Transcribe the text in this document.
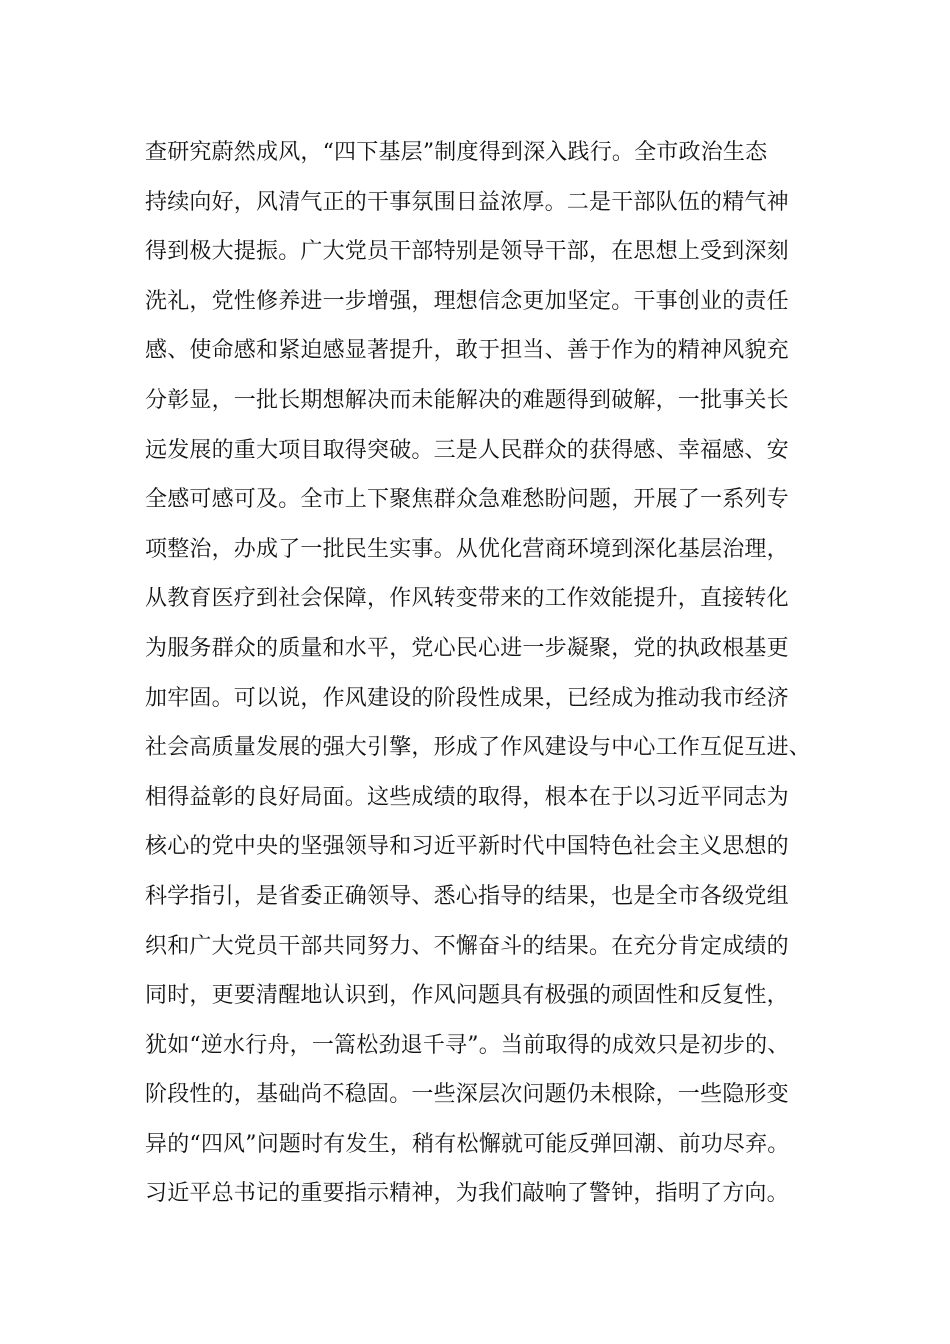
查研究蔚然成风，“四下基层”制度得到深入践行。全市政治生态
持续向好，风清气正的干事氛围日益浓厚。二是干部队伍的精气神
得到极大提振。广大党员干部特别是领导干部，在思想上受到深刻
洗礼，党性修养进一步增强，理想信念更加坚定。干事创业的责任
感、使命感和紧迫感显著提升，敢于担当、善于作为的精神风貌充
分彰显，一批长期想解决而未能解决的难题得到破解，一批事关长
远发展的重大项目取得突破。三是人民群众的获得感、幸福感、安
全感可感可及。全市上下聚焦群众急难愁盼问题，开展了一系列专
项整治，办成了一批民生实事。从优化营商环境到深化基层治理，
从教育医疗到社会保障，作风转变带来的工作效能提升，直接转化
为服务群众的质量和水平，党心民心进一步凝聚，党的执政根基更
加牢固。可以说，作风建设的阶段性成果，已经成为推动我市经济
社会高质量发展的强大引擎，形成了作风建设与中心工作互促互进、
相得益彰的良好局面。这些成绩的取得，根本在于以习近平同志为
核心的党中央的坚强领导和习近平新时代中国特色社会主义思想的
科学指引，是省委正确领导、悉心指导的结果，也是全市各级党组
织和广大党员干部共同努力、不懈奋斗的结果。在充分肯定成绩的
同时，更要清醒地认识到，作风问题具有极强的顽固性和反复性，
犹如“逆水行舟，一篙松劲退千寻”。当前取得的成效只是初步的、
阶段性的，基础尚不稳固。一些深层次问题仍未根除，一些隐形变
异的“四风”问题时有发生，稍有松懈就可能反弹回潮、前功尽弃。
习近平总书记的重要指示精神，为我们敲响了警钟，指明了方向。
